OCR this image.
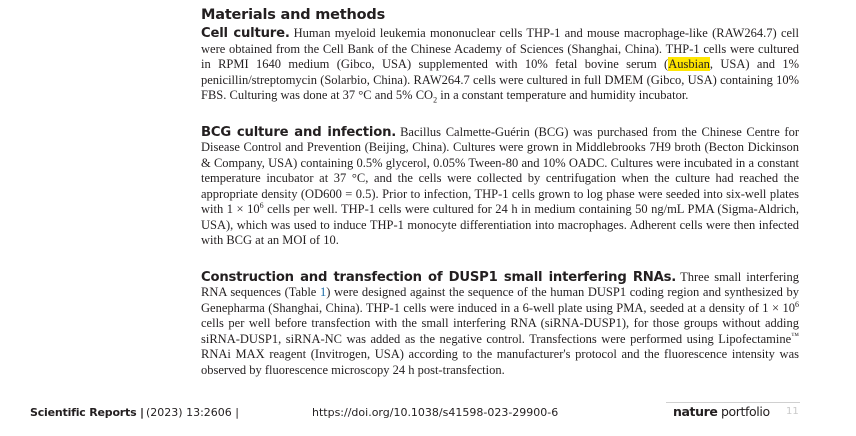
Materials and methods

Cell culture. Human myeloid leukemia mononuclear cells THP-1 and mouse macrophage-like (RAW264.7) cell were obtained from the Cell Bank of the Chinese Academy of Sciences (Shanghai, China). THP-1 cells were cultured in RPMI 1640 medium (Gibco, USA) supplemented with 10% fetal bovine serum (Ausbian, USA) and 1% penicillin/streptomycin (Solarbio, China). RAW264.7 cells were cultured in full DMEM (Gibco, USA) containing 10% FBS. Culturing was done at 37 °C and 5% $CO_2$ in a constant temperature and humidity incubator.

BCG culture and infection. Bacillus Calmette-Guérin (BCG) was purchased from the Chinese Centre for Disease Control and Prevention (Beijing, China). Cultures were grown in Middlebrooks 7H9 broth (Becton Dickinson & Company, USA) containing 0.5% glycerol, 0.05% Tween-80 and 10% OADC. Cultures were incubated in a constant temperature incubator at 37 °C, and the cells were collected by centrifugation when the culture had reached the appropriate density (OD600 = 0.5). Prior to infection, THP-1 cells grown to log phase were seeded into six-well plates with $1 \times 10^6$ cells per well. THP-1 cells were cultured for 24 h in medium containing 50 ng/mL PMA (Sigma-Aldrich, USA), which was used to induce THP-1 monocyte differentiation into macrophages. Adherent cells were then infected with BCG at an MOI of 10.

Construction and transfection of DUSP1 small interfering RNAs. Three small interfering RNA sequences (Table 1) were designed against the sequence of the human DUSP1 coding region and synthesized by Genepharma (Shanghai, China). THP-1 cells were induced in a 6-well plate using PMA, seeded at a density of $1 \times 10^6$ cells per well before transfection with the small interfering RNA (siRNA-DUSP1), for those groups without adding siRNA-DUSP1, siRNA-NC was added as the negative control. Transfections were performed using Lipofectamine™ RNAi MAX reagent (Invitrogen, USA) according to the manufacturer's protocol and the fluorescence intensity was observed by fluorescence microscopy 24 h post-transfection.

Scientific Reports | (2023) 13:2606 |	https://doi.org/10.1038/s41598-023-29900-6	nature portfolio 11
